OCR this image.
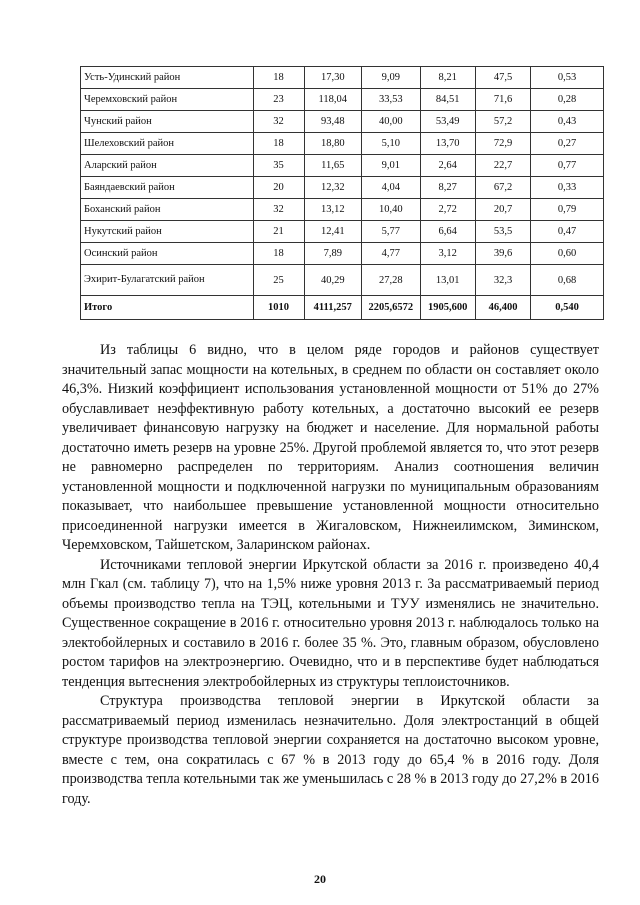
Усть-Удинский район	18	17,30	9,09	8,21	47,5	0,53
Черемховский район	23	118,04	33,53	84,51	71,6	0,28
Чунский район	32	93,48	40,00	53,49	57,2	0,43
Шелеховский район	18	18,80	5,10	13,70	72,9	0,27
Аларский район	35	11,65	9,01	2,64	22,7	0,77
Баяндаевский район	20	12,32	4,04	8,27	67,2	0,33
Боханский район	32	13,12	10,40	2,72	20,7	0,79
Нукутский район	21	12,41	5,77	6,64	53,5	0,47
Осинский район	18	7,89	4,77	3,12	39,6	0,60
Эхирит-Булагатский район	25	40,29	27,28	13,01	32,3	0,68
Итого	1010	4111,257	2205,6572	1905,600	46,400	0,540

Из таблицы 6 видно, что в целом ряде городов и районов существует значительный запас мощности на котельных, в среднем по области он составляет около 46,3%. Низкий коэффициент использования установленной мощности от 51% до 27% обуславливает неэффективную работу котельных, а достаточно высокий ее резерв увеличивает финансовую нагрузку на бюджет и население. Для нормальной работы достаточно иметь резерв на уровне 25%. Другой проблемой является то, что этот резерв не равномерно распределен по территориям. Анализ соотношения величин установленной мощности и подключенной нагрузки по муниципальным образованиям показывает, что наибольшее превышение установленной мощности относительно присоединенной нагрузки имеется в Жигаловском, Нижнеилимском, Зиминском, Черемховском, Тайшетском, Заларинском районах.

Источниками тепловой энергии Иркутской области за 2016 г. произведено 40,4 млн Гкал (см. таблицу 7), что на 1,5% ниже уровня 2013 г. За рассматриваемый период объемы производство тепла на ТЭЦ, котельными и ТУУ изменялись не значительно. Существенное сокращение в 2016 г. относительно уровня 2013 г. наблюдалось только на электобойлерных и составило в 2016 г. более 35 %. Это, главным образом, обусловлено ростом тарифов на электроэнергию. Очевидно, что и в перспективе будет наблюдаться тенденция вытеснения электробойлерных из структуры теплоисточников.

Структура производства тепловой энергии в Иркутской области за рассматриваемый период изменилась незначительно. Доля электростанций в общей структуре производства тепловой энергии сохраняется на достаточно высоком уровне, вместе с тем, она сократилась с 67 % в 2013 году до 65,4 % в 2016 году. Доля производства тепла котельными так же уменьшилась с 28 % в 2013 году до 27,2% в 2016 году.

20
